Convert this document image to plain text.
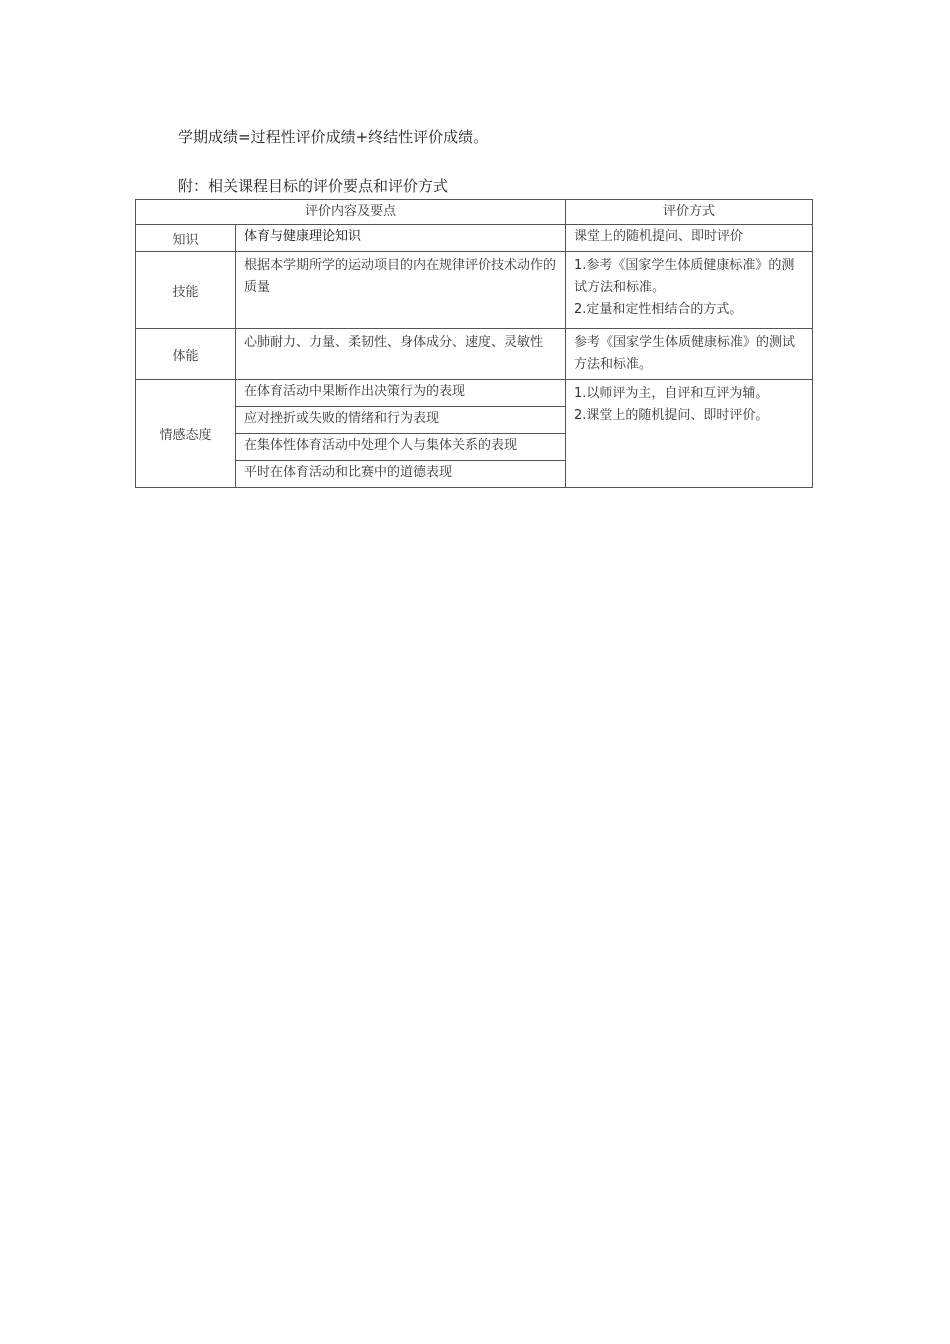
学期成绩=过程性评价成绩+终结性评价成绩。

附：相关课程目标的评价要点和评价方式

评价内容及要点		评价方式
知识	体育与健康理论知识	课堂上的随机提问、即时评价
技能	根据本学期所学的运动项目的内在规律评价技术动作的质量	1.参考《国家学生体质健康标准》的测试方法和标准。
2.定量和定性相结合的方式。

体能	心肺耐力、力量、柔韧性、身体成分、速度、灵敏性	参考《国家学生体质健康标准》的测试方法和标准。
情感态度	在体育活动中果断作出决策行为的表现	1.以师评为主，自评和互评为辅。
2.课堂上的随机提问、即时评价。

	应对挫折或失败的情绪和行为表现	
	在集体性体育活动中处理个人与集体关系的表现	
	平时在体育活动和比赛中的道德表现	
